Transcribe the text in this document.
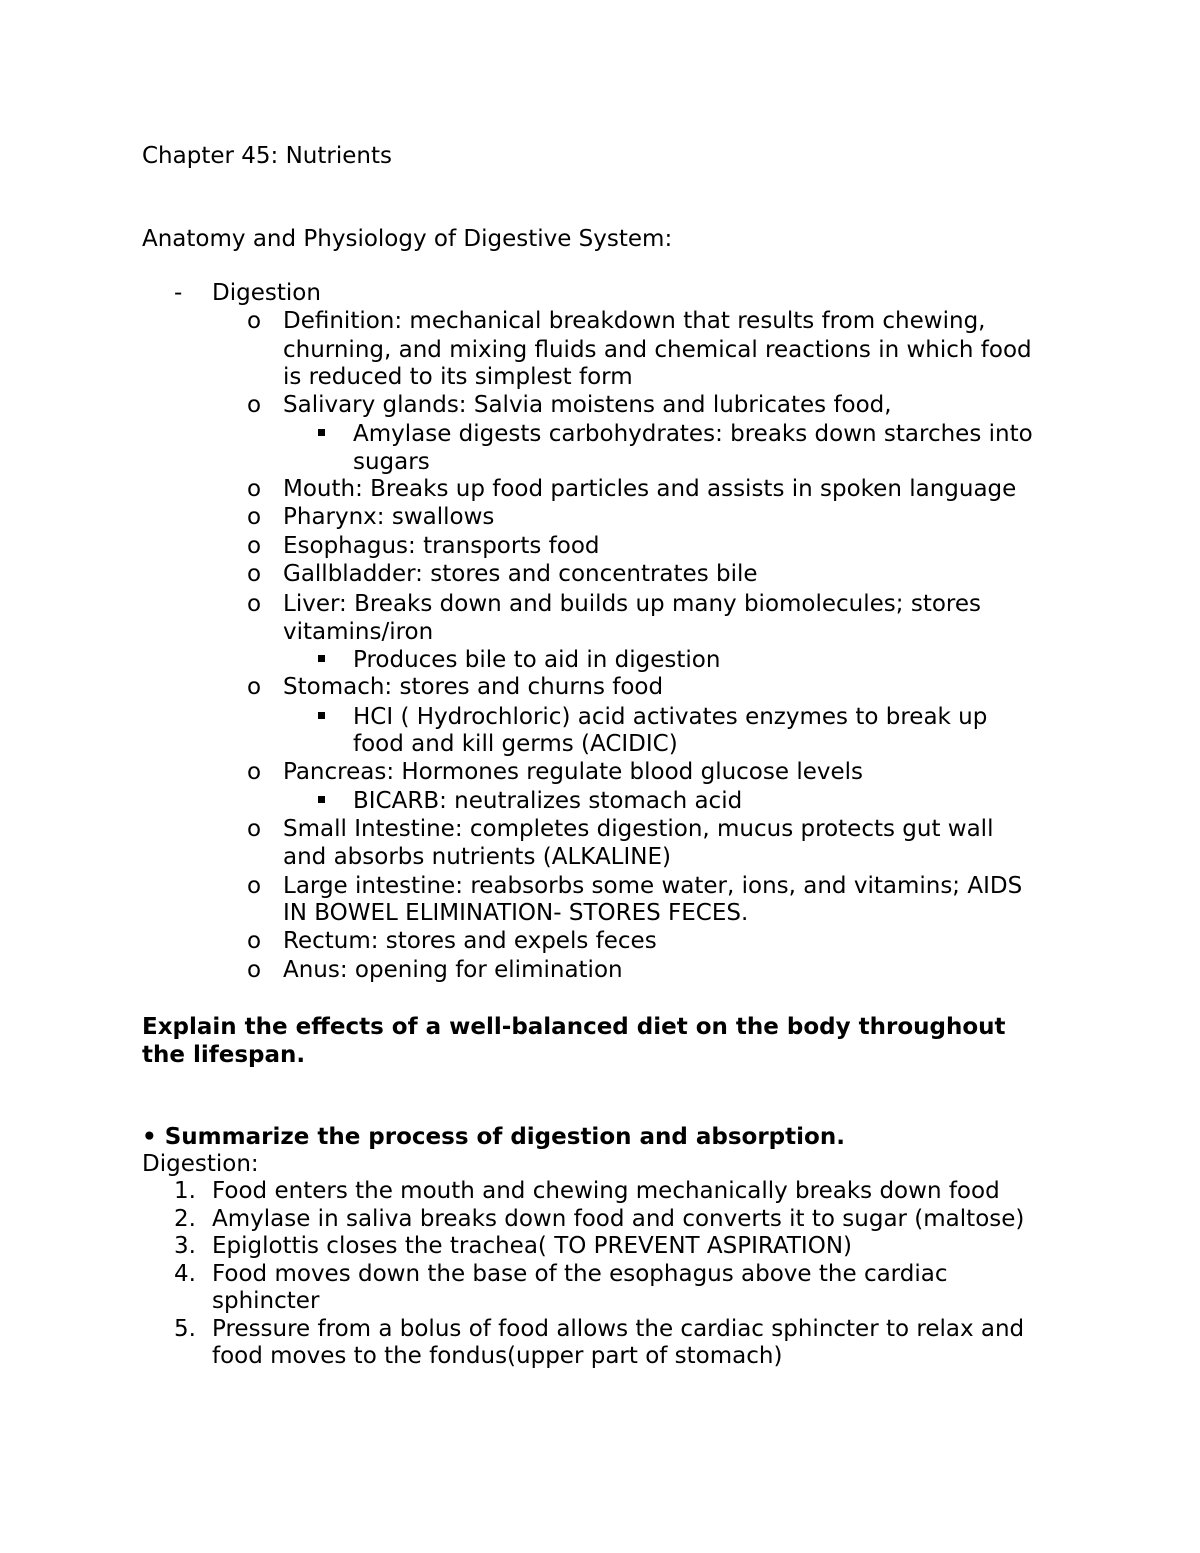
Chapter 45: Nutrients
Anatomy and Physiology of Digestive System:
- Digestion
o Definition: mechanical breakdown that results from chewing,
churning, and mixing fluids and chemical reactions in which food
is reduced to its simplest form
o Salivary glands: Salvia moistens and lubricates food,
Amylase digests carbohydrates: breaks down starches into
sugars
o Mouth: Breaks up food particles and assists in spoken language
o Pharynx: swallows
o Esophagus: transports food
o Gallbladder: stores and concentrates bile
o Liver: Breaks down and builds up many biomolecules; stores
vitamins/iron
Produces bile to aid in digestion
o Stomach: stores and churns food
HCI ( Hydrochloric) acid activates enzymes to break up
food and kill germs (ACIDIC)
o Pancreas: Hormones regulate blood glucose levels
BICARB: neutralizes stomach acid
o Small Intestine: completes digestion, mucus protects gut wall
and absorbs nutrients (ALKALINE)
o Large intestine: reabsorbs some water, ions, and vitamins; AIDS
IN BOWEL ELIMINATION- STORES FECES.
o Rectum: stores and expels feces
o Anus: opening for elimination
Explain the effects of a well-balanced diet on the body throughout
the lifespan.
• Summarize the process of digestion and absorption.
Digestion:
1. Food enters the mouth and chewing mechanically breaks down food
2. Amylase in saliva breaks down food and converts it to sugar (maltose)
3. Epiglottis closes the trachea( TO PREVENT ASPIRATION)
4. Food moves down the base of the esophagus above the cardiac
sphincter
5. Pressure from a bolus of food allows the cardiac sphincter to relax and
food moves to the fondus(upper part of stomach)
